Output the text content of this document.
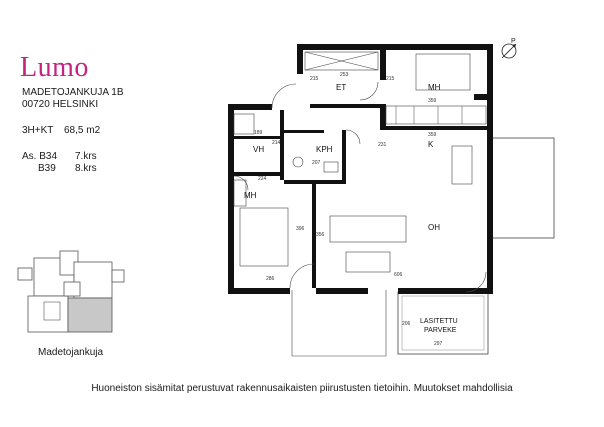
Lumo
MADETOJANKUJA 1B
00720 HELSINKI
3H+KT 68,5 m2
As. B34 7.krs
B39 8.krs
Madetojankuja
P
ET	MH
VH	KPH
K
MH
OH
LASITETTU
PARVEKE
253
215	215
359
359
189
214
207
231
224
396
356
286
606
206
297
Huoneiston sisämitat perustuvat rakennusaikaisten piirustusten tietoihin. Muutokset mahdollisia
